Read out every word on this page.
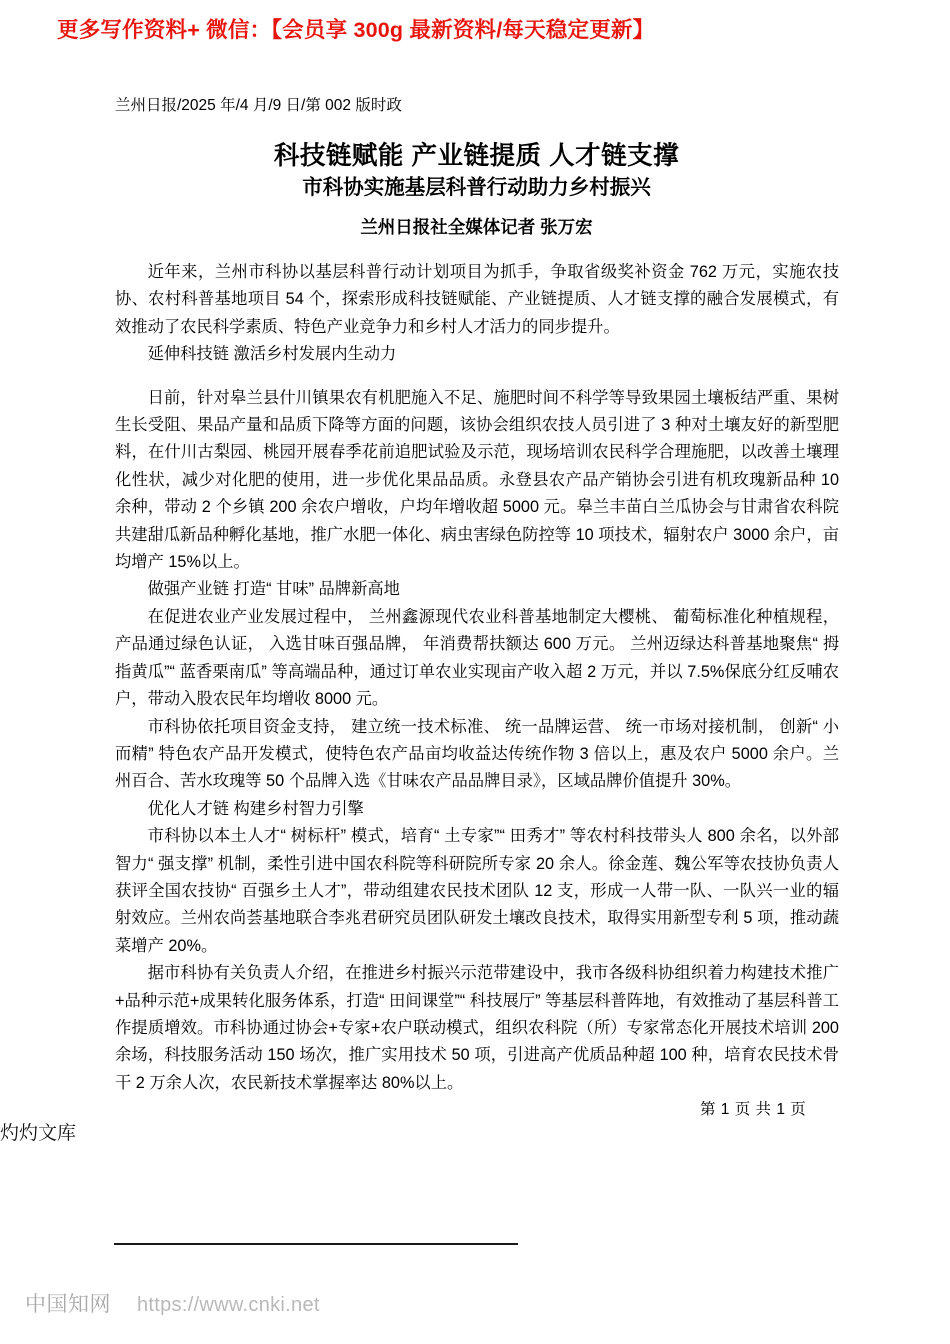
更多写作资料+ 微信：【会员享 300g 最新资料/每天稳定更新】
兰州日报/2025 年/4 月/9 日/第 002 版时政
科技链赋能 产业链提质 人才链支撑
市科协实施基层科普行动助力乡村振兴
兰州日报社全媒体记者 张万宏

近年来，兰州市科协以基层科普行动计划项目为抓手，争取省级奖补资金 762 万元，实施农技协、农村科普基地项目 54 个，探索形成科技链赋能、产业链提质、人才链支撑的融合发展模式，有效推动了农民科学素质、特色产业竞争力和乡村人才活力的同步提升。

延伸科技链 激活乡村发展内生动力

日前，针对皋兰县什川镇果农有机肥施入不足、施肥时间不科学等导致果园土壤板结严重、果树生长受阻、果品产量和品质下降等方面的问题，该协会组织农技人员引进了 3 种对土壤友好的新型肥料，在什川古梨园、桃园开展春季花前追肥试验及示范，现场培训农民科学合理施肥，以改善土壤理化性状，减少对化肥的使用，进一步优化果品品质。永登县农产品产销协会引进有机玫瑰新品种 10 余种，带动 2 个乡镇 200 余农户增收，户均年增收超 5000 元。皋兰丰苗白兰瓜协会与甘肃省农科院共建甜瓜新品种孵化基地，推广水肥一体化、病虫害绿色防控等 10 项技术，辐射农户 3000 余户，亩均增产 15%以上。

做强产业链 打造“ 甘味” 品牌新高地

在促进农业产业发展过程中， 兰州鑫源现代农业科普基地制定大樱桃、 葡萄标准化种植规程，产品通过绿色认证， 入选甘味百强品牌， 年消费帮扶额达 600 万元。 兰州迈绿达科普基地聚焦“ 拇指黄瓜”“ 蓝香栗南瓜” 等高端品种，通过订单农业实现亩产收入超 2 万元，并以 7.5%保底分红反哺农户，带动入股农民年均增收 8000 元。

市科协依托项目资金支持， 建立统一技术标准、 统一品牌运营、 统一市场对接机制， 创新“ 小而精” 特色农产品开发模式，使特色农产品亩均收益达传统作物 3 倍以上，惠及农户 5000 余户。兰州百合、苦水玫瑰等 50 个品牌入选《甘味农产品品牌目录》，区域品牌价值提升 30%。

优化人才链 构建乡村智力引擎

市科协以本土人才“ 树标杆” 模式，培育“ 土专家”“ 田秀才” 等农村科技带头人 800 余名，以外部智力“ 强支撑” 机制，柔性引进中国农科院等科研院所专家 20 余人。徐金莲、魏公军等农技协负责人获评全国农技协“ 百强乡土人才”，带动组建农民技术团队 12 支，形成一人带一队、一队兴一业的辐射效应。兰州农尚荟基地联合李兆君研究员团队研发土壤改良技术，取得实用新型专利 5 项，推动蔬菜增产 20%。

据市科协有关负责人介绍，在推进乡村振兴示范带建设中，我市各级科协组织着力构建技术推广+品种示范+成果转化服务体系，打造“ 田间课堂”“ 科技展厅” 等基层科普阵地，有效推动了基层科普工作提质增效。市科协通过协会+专家+农户联动模式，组织农科院（所）专家常态化开展技术培训 200 余场，科技服务活动 150 场次，推广实用技术 50 项，引进高产优质品种超 100 种，培育农民技术骨干 2 万余人次，农民新技术掌握率达 80%以上。

第 1 页 共 1 页
灼灼文库
中国知网 https://www.cnki.net
